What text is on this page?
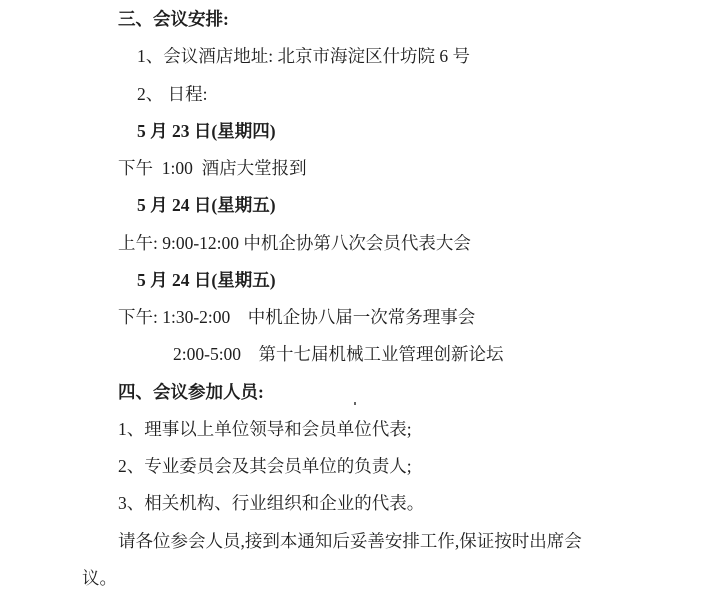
三、会议安排:
1、会议酒店地址: 北京市海淀区什坊院 6 号
2、 日程:
5 月 23 日(星期四)
下午  1:00  酒店大堂报到
5 月 24 日(星期五)
上午: 9:00-12:00 中机企协第八次会员代表大会
5 月 24 日(星期五)
下午: 1:30-2:00    中机企协八届一次常务理事会
2:00-5:00    第十七届机械工业管理创新论坛
四、会议参加人员:
1、理事以上单位领导和会员单位代表;
2、专业委员会及其会员单位的负责人;
3、相关机构、行业组织和企业的代表。
请各位参会人员,接到本通知后妥善安排工作,保证按时出席会
议。
